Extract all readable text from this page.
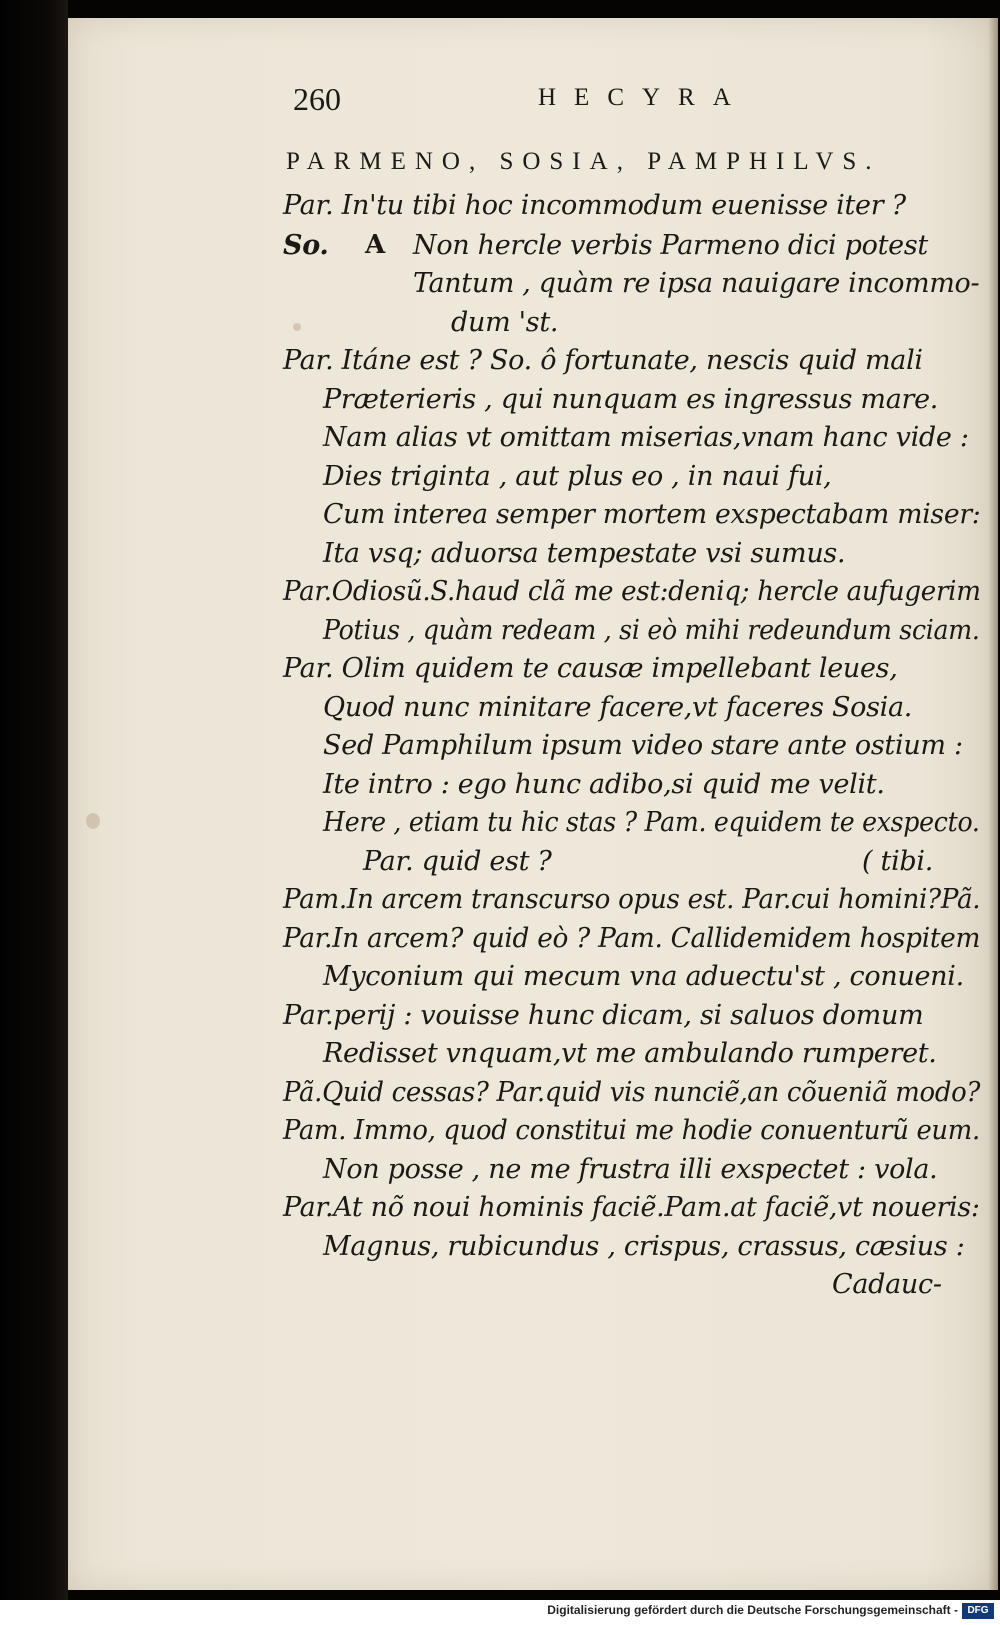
260	HECYRA
PARMENO, SOSIA, PAMPHILVS.
A
Par. In'tu tibi hoc incommodum euenisse iter ?
So.	Non hercle verbis Parmeno dici potest
Tantum , quàm re ipsa nauigare incommo-
dum 'st.
Par. Itáne est ? So. ô fortunate, nescis quid mali
Præterieris , qui nunquam es ingressus mare.
Nam alias vt omittam miserias,vnam hanc vide :
Dies triginta , aut plus eo , in naui fui,
Cum interea semper mortem exspectabam miser:
Ita vsq; aduorsa tempestate vsi sumus.
Par.Odiosũ.S.haud clã me est:deniq; hercle aufugerim
Potius , quàm redeam , si eò mihi redeundum sciam.
Par. Olim quidem te causæ impellebant leues,
Quod nunc minitare facere,vt faceres Sosia.
Sed Pamphilum ipsum video stare ante ostium :
Ite intro : ego hunc adibo,si quid me velit.
Here , etiam tu hic stas ? Pam. equidem te exspecto.
Par. quid est ?	( tibi.
Pam.In arcem transcurso opus est. Par.cui homini?Pã.
Par.In arcem? quid eò ? Pam. Callidemidem hospitem
Myconium qui mecum vna aduectu'st , conueni.
Par.perij : vouisse hunc dicam, si saluos domum
Redisset vnquam,vt me ambulando rumperet.
Pã.Quid cessas? Par.quid vis nunciẽ,an cõueniã modo?
Pam. Immo, quod constitui me hodie conuenturũ eum.
Non posse , ne me frustra illi exspectet : vola.
Par.At nõ noui hominis faciẽ.Pam.at faciẽ,vt noueris:
Magnus, rubicundus , crispus, crassus, cæsius :
Cadauc-
Digitalisierung gefördert durch die Deutsche Forschungsgemeinschaft - DFG
